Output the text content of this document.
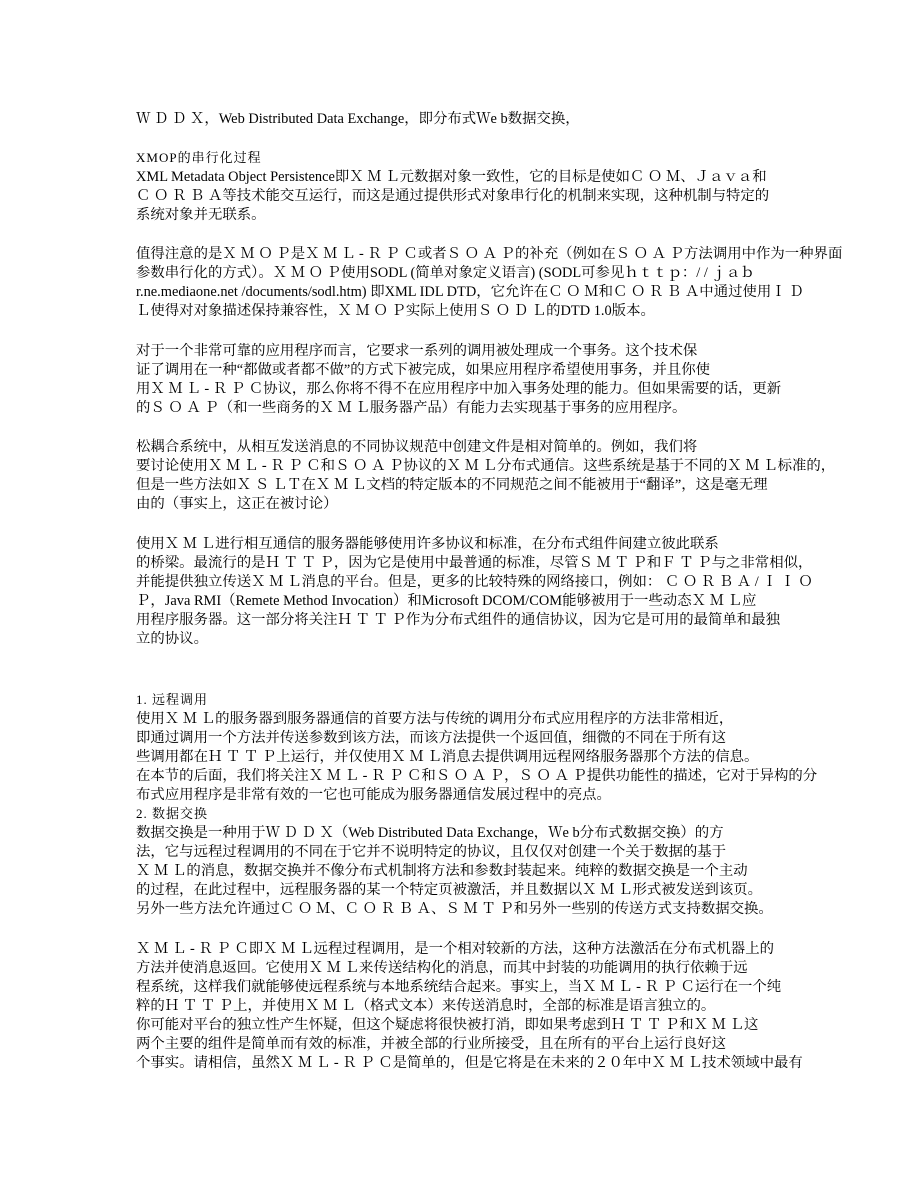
Ｗ Ｄ Ｄ Ｘ，Web Distributed Data Exchange，即分布式Ｗe b数据交换，
XMOP的串行化过程
XML Metadata Object Persistence即Ｘ Ｍ Ｌ元数据对象一致性，它的目标是使如Ｃ Ｏ Ｍ、Ｊａｖａ和
Ｃ Ｏ Ｒ Ｂ Ａ等技术能交互运行，而这是通过提供形式对象串行化的机制来实现，这种机制与特定的
系统对象并无联系。
值得注意的是Ｘ Ｍ Ｏ Ｐ是Ｘ Ｍ Ｌ - Ｒ Ｐ Ｃ或者Ｓ Ｏ Ａ Ｐ的补充（例如在Ｓ Ｏ Ａ Ｐ方法调用中作为一种界面
参数串行化的方式）。Ｘ Ｍ Ｏ Ｐ使用SODL (简单对象定义语言) (SODL可参见ｈｔｔｐ：/ / ｊａｂ
r.ne.mediaone.net /documents/sodl.htm) 即XML IDL DTD，它允许在Ｃ Ｏ Ｍ和Ｃ Ｏ Ｒ Ｂ Ａ中通过使用Ｉ Ｄ
Ｌ使得对对象描述保持兼容性，Ｘ Ｍ Ｏ Ｐ实际上使用Ｓ Ｏ Ｄ Ｌ的DTD 1.0版本。
对于一个非常可靠的应用程序而言，它要求一系列的调用被处理成一个事务。这个技术保
证了调用在一种“都做或者都不做”的方式下被完成，如果应用程序希望使用事务，并且你使
用Ｘ Ｍ Ｌ - Ｒ Ｐ Ｃ协议，那么你将不得不在应用程序中加入事务处理的能力。但如果需要的话，更新
的Ｓ Ｏ Ａ Ｐ（和一些商务的Ｘ Ｍ Ｌ服务器产品）有能力去实现基于事务的应用程序。
松耦合系统中，从相互发送消息的不同协议规范中创建文件是相对简单的。例如，我们将
要讨论使用Ｘ Ｍ Ｌ - Ｒ Ｐ Ｃ和Ｓ Ｏ Ａ Ｐ协议的Ｘ Ｍ Ｌ分布式通信。这些系统是基于不同的Ｘ Ｍ Ｌ标准的，
但是一些方法如Ｘ Ｓ ＬＴ在Ｘ Ｍ Ｌ文档的特定版本的不同规范之间不能被用于“翻译”，这是毫无理
由的（事实上，这正在被讨论）
使用Ｘ Ｍ Ｌ进行相互通信的服务器能够使用许多协议和标准，在分布式组件间建立彼此联系
的桥梁。最流行的是Ｈ Ｔ Ｔ Ｐ，因为它是使用中最普通的标准，尽管Ｓ Ｍ Ｔ Ｐ和Ｆ Ｔ Ｐ与之非常相似，
并能提供独立传送Ｘ Ｍ Ｌ消息的平台。但是，更多的比较特殊的网络接口，例如： Ｃ Ｏ Ｒ Ｂ Ａ / Ｉ Ｉ Ｏ
Ｐ，Java RMI（Remete Method Invocation）和Microsoft DCOM/COM能够被用于一些动态Ｘ Ｍ Ｌ应
用程序服务器。这一部分将关注Ｈ Ｔ Ｔ Ｐ作为分布式组件的通信协议，因为它是可用的最简单和最独
立的协议。
1. 远程调用
使用Ｘ Ｍ Ｌ的服务器到服务器通信的首要方法与传统的调用分布式应用程序的方法非常相近，
即通过调用一个方法并传送参数到该方法，而该方法提供一个返回值，细微的不同在于所有这
些调用都在Ｈ Ｔ Ｔ Ｐ上运行，并仅使用Ｘ Ｍ Ｌ消息去提供调用远程网络服务器那个方法的信息。
在本节的后面，我们将关注Ｘ Ｍ Ｌ - Ｒ Ｐ Ｃ和Ｓ Ｏ Ａ Ｐ，Ｓ Ｏ Ａ Ｐ提供功能性的描述，它对于异构的分
布式应用程序是非常有效的一它也可能成为服务器通信发展过程中的亮点。
2. 数据交换
数据交换是一种用于Ｗ Ｄ Ｄ Ｘ（Web Distributed Data Exchange，Ｗe b分布式数据交换）的方
法，它与远程过程调用的不同在于它并不说明特定的协议，且仅仅对创建一个关于数据的基于
Ｘ Ｍ Ｌ的消息，数据交换并不像分布式机制将方法和参数封装起来。纯粹的数据交换是一个主动
的过程，在此过程中，远程服务器的某一个特定页被激活，并且数据以Ｘ Ｍ Ｌ形式被发送到该页。
另外一些方法允许通过Ｃ Ｏ Ｍ、Ｃ Ｏ Ｒ Ｂ Ａ、Ｓ Ｍ Ｔ Ｐ和另外一些别的传送方式支持数据交换。
Ｘ Ｍ Ｌ - Ｒ Ｐ Ｃ即Ｘ Ｍ Ｌ远程过程调用，是一个相对较新的方法，这种方法激活在分布式机器上的
方法并使消息返回。它使用Ｘ Ｍ Ｌ来传送结构化的消息，而其中封装的功能调用的执行依赖于远
程系统，这样我们就能够使远程系统与本地系统结合起来。事实上，当Ｘ Ｍ Ｌ - Ｒ Ｐ Ｃ运行在一个纯
粹的Ｈ Ｔ Ｔ Ｐ上，并使用Ｘ Ｍ Ｌ（格式文本）来传送消息时，全部的标准是语言独立的。
你可能对平台的独立性产生怀疑，但这个疑虑将很快被打消，即如果考虑到Ｈ Ｔ Ｔ Ｐ和Ｘ Ｍ Ｌ这
两个主要的组件是简单而有效的标准，并被全部的行业所接受，且在所有的平台上运行良好这
个事实。请相信，虽然Ｘ Ｍ Ｌ - Ｒ Ｐ Ｃ是简单的，但是它将是在未来的２０年中Ｘ Ｍ Ｌ技术领域中最有
